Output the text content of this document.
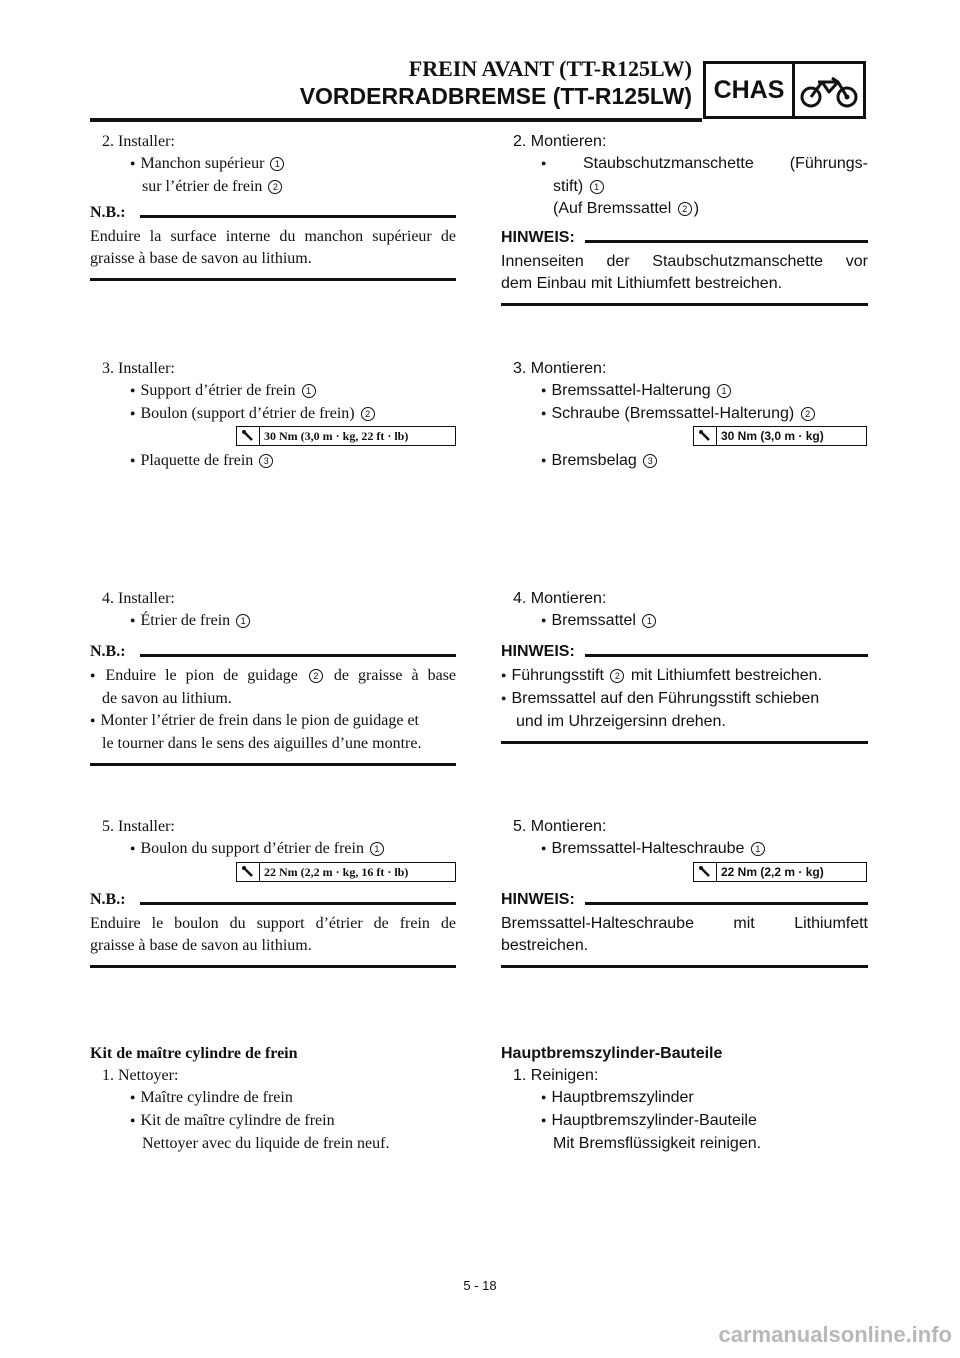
FREIN AVANT (TT-R125LW)
VORDERRADBREMSE (TT-R125LW) CHAS
2. Installer:
● Manchon supérieur 1
sur l’étrier de frein 2
N.B.:
Enduire la surface interne du manchon supérieur de
graisse à base de savon au lithium.
3. Installer:
● Support d’étrier de frein 1
● Boulon (support d’étrier de frein) 2
30 Nm (3,0 m · kg, 22 ft · lb)
● Plaquette de frein 3
4. Installer:
● Étrier de frein 1
N.B.:
● Enduire le pion de guidage 2 de graisse à base
de savon au lithium.
● Monter l’étrier de frein dans le pion de guidage et
le tourner dans le sens des aiguilles d’une montre.
5. Installer:
● Boulon du support d’étrier de frein 1
22 Nm (2,2 m · kg, 16 ft · lb)
N.B.:
Enduire le boulon du support d’étrier de frein de
graisse à base de savon au lithium.
Kit de maître cylindre de frein
1. Nettoyer:
● Maître cylindre de frein
● Kit de maître cylindre de frein
Nettoyer avec du liquide de frein neuf.
2. Montieren:
● Staubschutzmanschette (Führungs-
stift) 1
(Auf Bremssattel 2 )
HINWEIS:
Innenseiten der Staubschutzmanschette vor
dem Einbau mit Lithiumfett bestreichen.
3. Montieren:
● Bremssattel-Halterung 1
● Schraube (Bremssattel-Halterung) 2
30 Nm (3,0 m · kg)
● Bremsbelag 3
4. Montieren:
● Bremssattel 1
HINWEIS:
● Führungsstift 2 mit Lithiumfett bestreichen.
● Bremssattel auf den Führungsstift schieben
und im Uhrzeigersinn drehen.
5. Montieren:
● Bremssattel-Halteschraube 1
22 Nm (2,2 m · kg)
HINWEIS:
Bremssattel-Halteschraube mit Lithiumfett
bestreichen.
Hauptbremszylinder-Bauteile
1. Reinigen:
● Hauptbremszylinder
● Hauptbremszylinder-Bauteile
Mit Bremsflüssigkeit reinigen.
5 - 18
carmanualsonline.info
